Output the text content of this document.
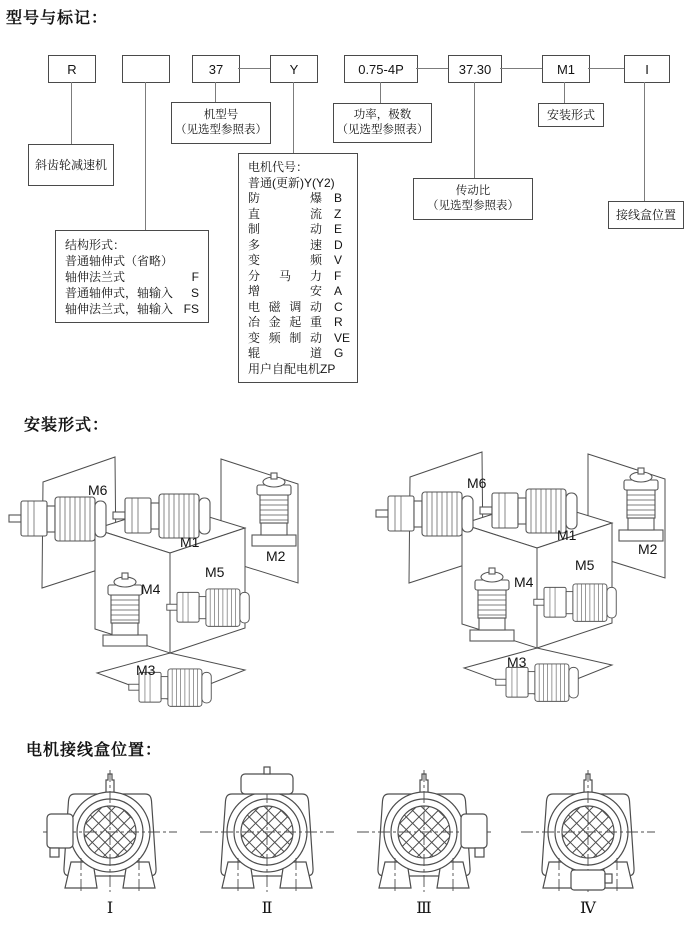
型号与标记：
R	37	Y	0.75-4P	37.30	M1	I
斜齿轮减速机
机型号
（见选型参照表）
功率，极数
（见选型参照表）
安装形式
传动比
（见选型参照表）
接线盒位置
电机代号：
普通(更新) Y(Y2)
防爆 B
直流 Z
制动 E
多速 D
变频 V
分马力 F
增安 A
电磁调动 C
冶金起重 R
变频制动 VE
辊道 G
用户自配电机 ZP
结构形式：
普通轴伸式（省略）
轴伸法兰式	F
普通轴伸式，轴输入 S
轴伸法兰式，轴输入 FS
安装形式：
M6
M1
M2
M5
M4
M3
M6
M1
M2
M5
M4
M3
电机接线盒位置：
Ⅰ	Ⅱ	Ⅲ	Ⅳ
